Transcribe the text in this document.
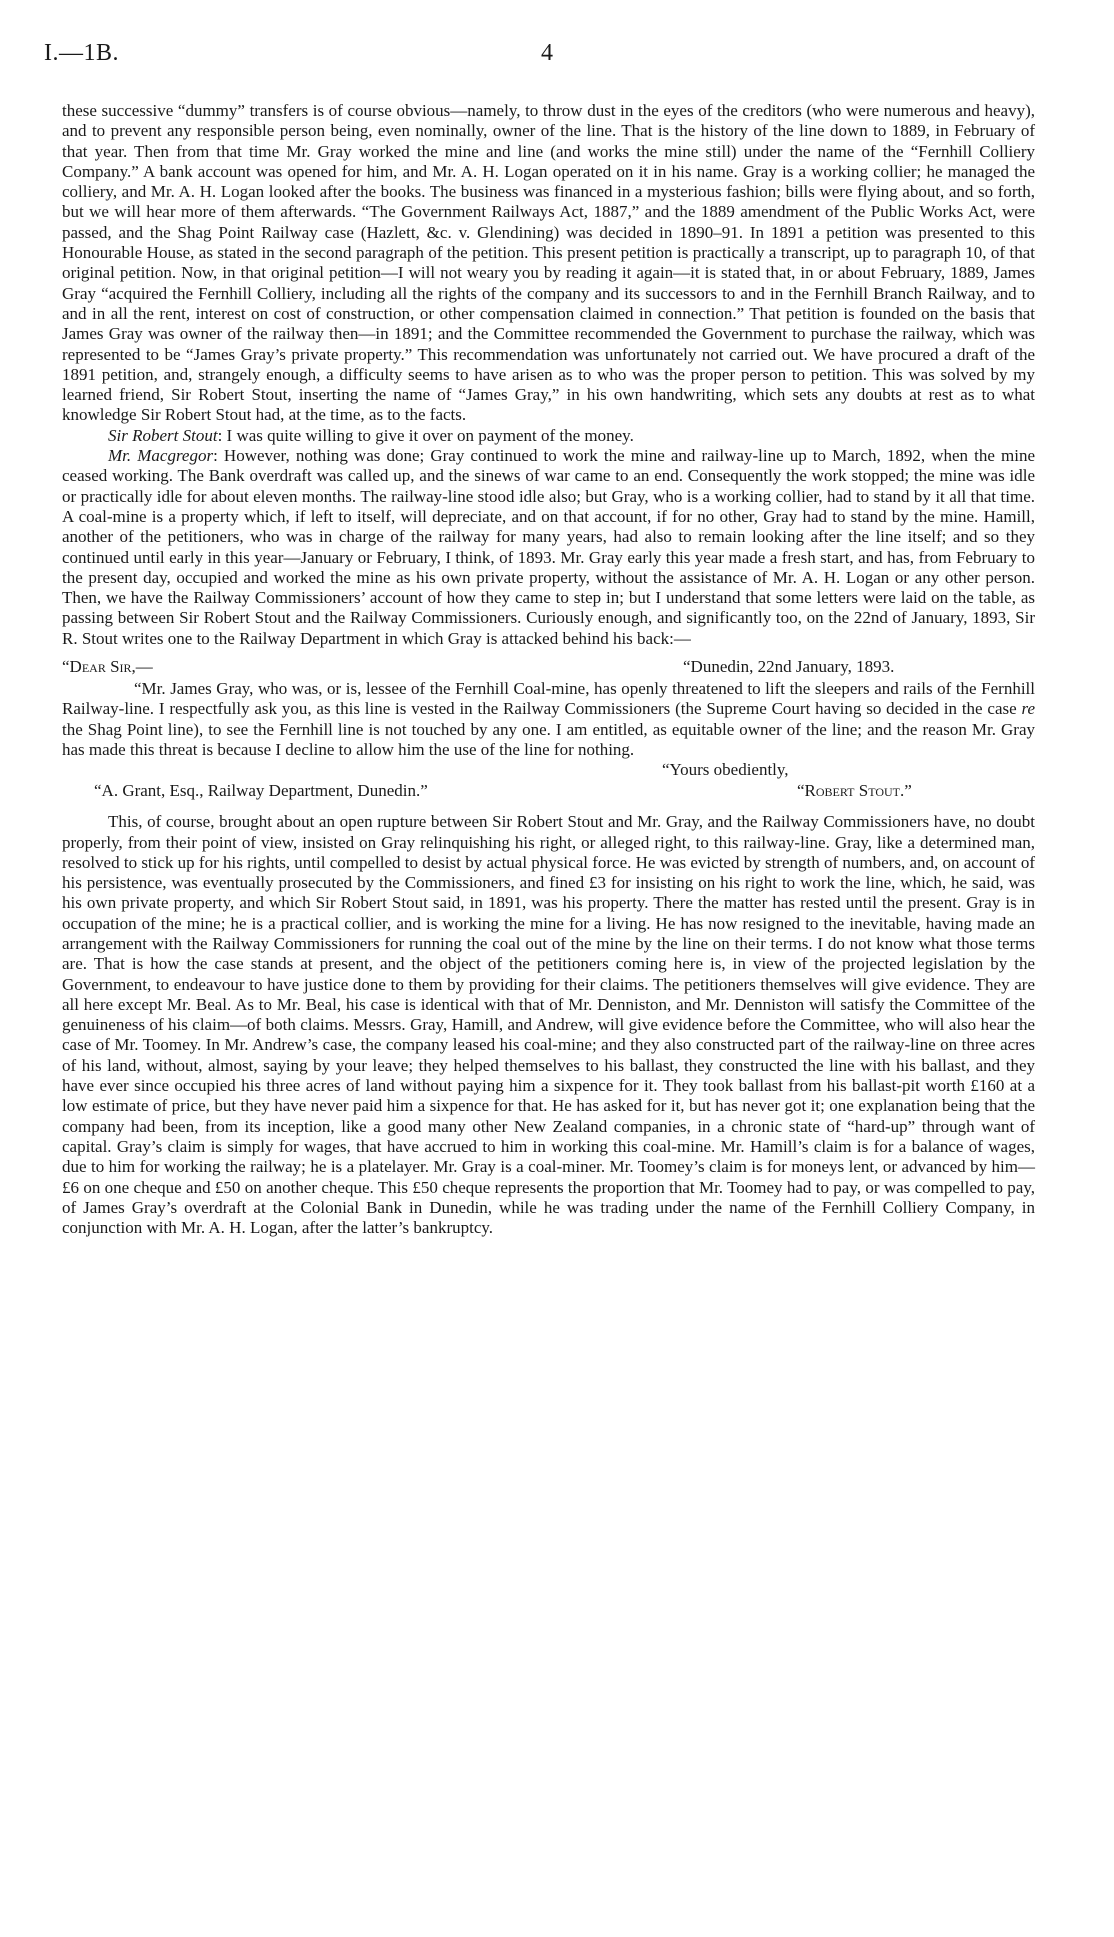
I.—1B.	4

these successive “dummy” transfers is of course obvious—namely, to throw dust in the eyes of the creditors (who were numerous and heavy), and to prevent any responsible person being, even nominally, owner of the line. That is the history of the line down to 1889, in February of that year. Then from that time Mr. Gray worked the mine and line (and works the mine still) under the name of the “Fernhill Colliery Company.” A bank account was opened for him, and Mr. A. H. Logan operated on it in his name. Gray is a working collier; he managed the colliery, and Mr. A. H. Logan looked after the books. The business was financed in a mysterious fashion; bills were flying about, and so forth, but we will hear more of them afterwards. “The Government Railways Act, 1887,” and the 1889 amendment of the Public Works Act, were passed, and the Shag Point Railway case (Hazlett, &c. v. Glendining) was decided in 1890–91. In 1891 a petition was presented to this Honourable House, as stated in the second paragraph of the petition. This present petition is practically a transcript, up to paragraph 10, of that original petition. Now, in that original petition—I will not weary you by reading it again—it is stated that, in or about February, 1889, James Gray “acquired the Fernhill Colliery, including all the rights of the company and its successors to and in the Fernhill Branch Railway, and to and in all the rent, interest on cost of construction, or other compensation claimed in connection.” That petition is founded on the basis that James Gray was owner of the railway then—in 1891; and the Committee recommended the Government to purchase the railway, which was represented to be “James Gray’s private property.” This recommendation was unfortunately not carried out. We have procured a draft of the 1891 petition, and, strangely enough, a difficulty seems to have arisen as to who was the proper person to petition. This was solved by my learned friend, Sir Robert Stout, inserting the name of “James Gray,” in his own handwriting, which sets any doubts at rest as to what knowledge Sir Robert Stout had, at the time, as to the facts.

Sir Robert Stout: I was quite willing to give it over on payment of the money.

Mr. Macgregor: However, nothing was done; Gray continued to work the mine and railway-line up to March, 1892, when the mine ceased working. The Bank overdraft was called up, and the sinews of war came to an end. Consequently the work stopped; the mine was idle or practically idle for about eleven months. The railway-line stood idle also; but Gray, who is a working collier, had to stand by it all that time. A coal-mine is a property which, if left to itself, will depreciate, and on that account, if for no other, Gray had to stand by the mine. Hamill, another of the petitioners, who was in charge of the railway for many years, had also to remain looking after the line itself; and so they continued until early in this year—January or February, I think, of 1893. Mr. Gray early this year made a fresh start, and has, from February to the present day, occupied and worked the mine as his own private property, without the assistance of Mr. A. H. Logan or any other person. Then, we have the Railway Commissioners’ account of how they came to step in; but I understand that some letters were laid on the table, as passing between Sir Robert Stout and the Railway Commissioners. Curiously enough, and significantly too, on the 22nd of January, 1893, Sir R. Stout writes one to the Railway Department in which Gray is attacked behind his back:—

“Dear Sir,—	“Dunedin, 22nd January, 1893.

“Mr. James Gray, who was, or is, lessee of the Fernhill Coal-mine, has openly threatened to lift the sleepers and rails of the Fernhill Railway-line. I respectfully ask you, as this line is vested in the Railway Commissioners (the Supreme Court having so decided in the case re the Shag Point line), to see the Fernhill line is not touched by any one. I am entitled, as equitable owner of the line; and the reason Mr. Gray has made this threat is because I decline to allow him the use of the line for nothing.

“Yours obediently,
“A. Grant, Esq., Railway Department, Dunedin.”	“Robert Stout.”

This, of course, brought about an open rupture between Sir Robert Stout and Mr. Gray, and the Railway Commissioners have, no doubt properly, from their point of view, insisted on Gray relinquishing his right, or alleged right, to this railway-line. Gray, like a determined man, resolved to stick up for his rights, until compelled to desist by actual physical force. He was evicted by strength of numbers, and, on account of his persistence, was eventually prosecuted by the Commissioners, and fined £3 for insisting on his right to work the line, which, he said, was his own private property, and which Sir Robert Stout said, in 1891, was his property. There the matter has rested until the present. Gray is in occupation of the mine; he is a practical collier, and is working the mine for a living. He has now resigned to the inevitable, having made an arrangement with the Railway Commissioners for running the coal out of the mine by the line on their terms. I do not know what those terms are. That is how the case stands at present, and the object of the petitioners coming here is, in view of the projected legislation by the Government, to endeavour to have justice done to them by providing for their claims. The petitioners themselves will give evidence. They are all here except Mr. Beal. As to Mr. Beal, his case is identical with that of Mr. Denniston, and Mr. Denniston will satisfy the Committee of the genuineness of his claim—of both claims. Messrs. Gray, Hamill, and Andrew, will give evidence before the Committee, who will also hear the case of Mr. Toomey. In Mr. Andrew’s case, the company leased his coal-mine; and they also constructed part of the railway-line on three acres of his land, without, almost, saying by your leave; they helped themselves to his ballast, they constructed the line with his ballast, and they have ever since occupied his three acres of land without paying him a sixpence for it. They took ballast from his ballast-pit worth £160 at a low estimate of price, but they have never paid him a sixpence for that. He has asked for it, but has never got it; one explanation being that the company had been, from its inception, like a good many other New Zealand companies, in a chronic state of “hard-up” through want of capital. Gray’s claim is simply for wages, that have accrued to him in working this coal-mine. Mr. Hamill’s claim is for a balance of wages, due to him for working the railway; he is a platelayer. Mr. Gray is a coal-miner. Mr. Toomey’s claim is for moneys lent, or advanced by him—£6 on one cheque and £50 on another cheque. This £50 cheque represents the proportion that Mr. Toomey had to pay, or was compelled to pay, of James Gray’s overdraft at the Colonial Bank in Dunedin, while he was trading under the name of the Fernhill Colliery Company, in conjunction with Mr. A. H. Logan, after the latter’s bankruptcy.
